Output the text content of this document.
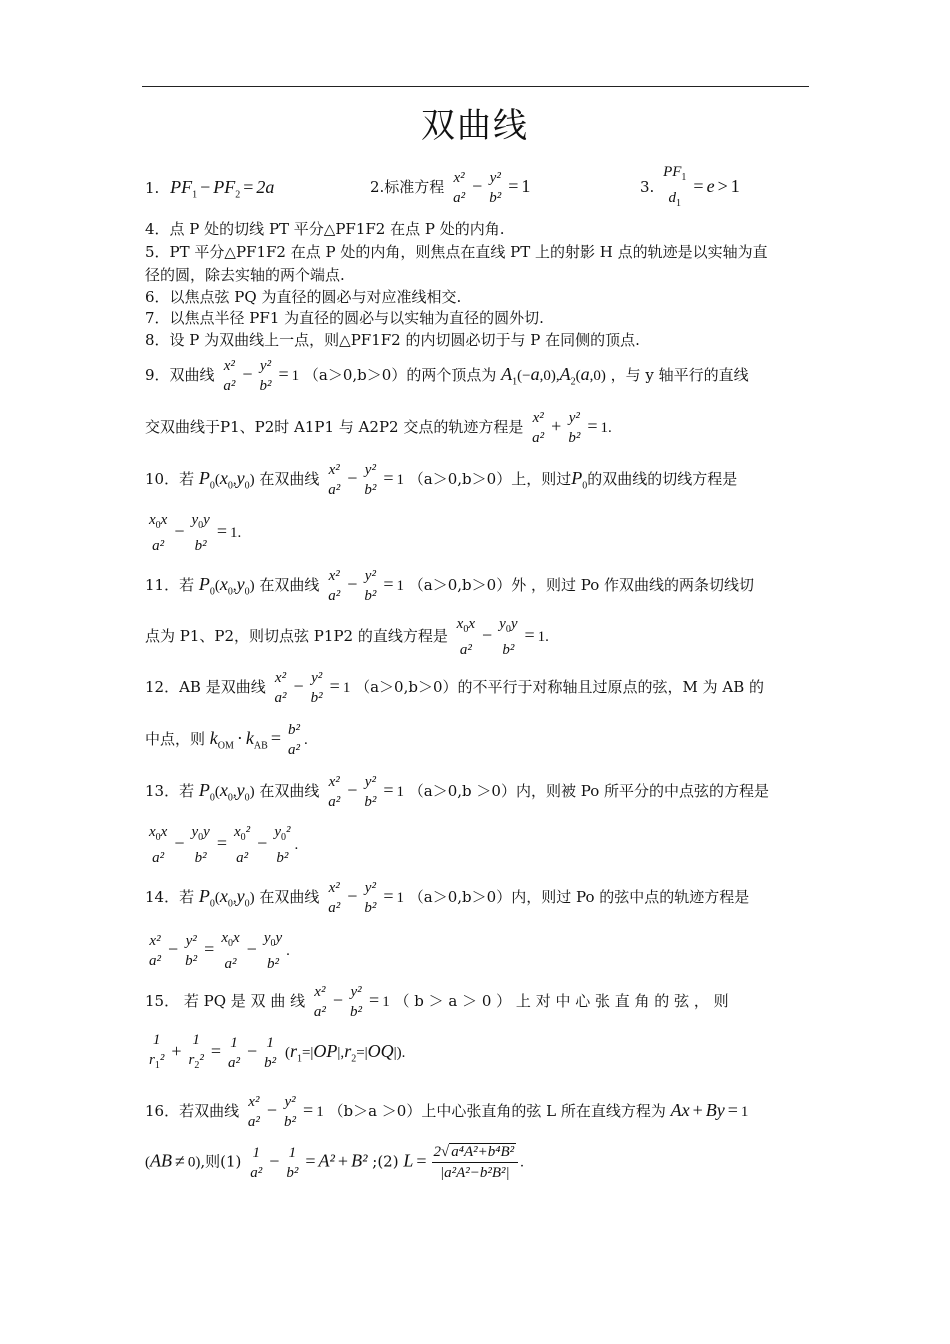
双曲线
1. $PF_1 - PF_2 = 2a$	2.标准方程 x²
a²
− y²
b²
= 1	3.
$PF_1$
$d_1$
= e > 1
4．点 P 处的切线 PT 平分△PF1F2 在点 P 处的内角.
5．PT 平分△PF1F2 在点 P 处的内角，则焦点在直线 PT 上的射影 H 点的轨迹是以实轴为直
径的圆，除去实轴的两个端点.
6．以焦点弦 PQ 为直径的圆必与对应准线相交.
7．以焦点半径 PF1 为直径的圆必与以实轴为直径的圆外切.
8．设 P 为双曲线上一点，则△PF1F2 的内切圆必切于与 P 在同侧的顶点.
9．双曲线 x²
a²
− y²
b²
= 1 （a＞0,b＞0）的两个顶点为 $A_1(-a,0),A_2(a,0)$ ，与 y 轴平行的直线
交双曲线于P1、P2时 A1P1 与 A2P2 交点的轨迹方程是 x²
a²
+ y²
b²
= 1.
10．若 $P_0(x_0,y_0)$ 在双曲线 x²
a²
− y²
b²
= 1 （a＞0,b＞0）上，则过$P_0$的双曲线的切线方程是
$x_0x$
a²
−
$y_0y$
b²
= 1.
11．若 $P_0(x_0,y_0)$ 在双曲线 x²
a²
− y²
b²
= 1 （a＞0,b＞0）外 ，则过 Po 作双曲线的两条切线切
点为 P1、P2，则切点弦 P1P2 的直线方程是
$x_0x$
a²
−
$y_0y$
b²
= 1.
12．AB 是双曲线 x²
a²
− y²
b²
= 1 （a＞0,b＞0）的不平行于对称轴且过原点的弦，M 为 AB 的
中点，则 $k_{OM} \cdot k_{AB} = b^2$
a²
.
13．若 $P_0(x_0,y_0)$ 在双曲线 x²
a²
− y²
b²
= 1 （a＞0,b ＞0）内，则被 Po 所平分的中点弦的方程是
$x_0x$
a²
−
$y_0y$
b²
=
$x_0^2$
a²
−
$y_0^2$
b²
.
14．若 $P_0(x_0,y_0)$ 在双曲线 x²
a²
− y²
b²
= 1 （a＞0,b＞0）内，则过 Po 的弦中点的轨迹方程是
x²
a²
− y²
b²
=
$x_0x$
a²
−
$y_0y$
b²
.
15． 若 PQ 是 双 曲 线 x²
a²
− y²
b²
= 1 （ b ＞ a ＞ 0 ） 上 对 中 心 张 直 角 的 弦 ， 则
1
$r_1^2$ +
1
$r_2^2 = 1$
a²
− 1
b²
$(r_1=|OP|,r_2=|OQ|)$.
16．若双曲线 x²
a²
− y²
b²
= 1 （b＞a ＞0）上中心张直角的弦 L 所在直线方程为 Ax + By = 1
(AB ≠ 0),则(1) 1
a²
− 1
b²
= A² + B² ;(2) $L = \frac{\text{2√ a⁴A²+b⁴B²}}{\text{|a²A²−b²B²|}}$ .
